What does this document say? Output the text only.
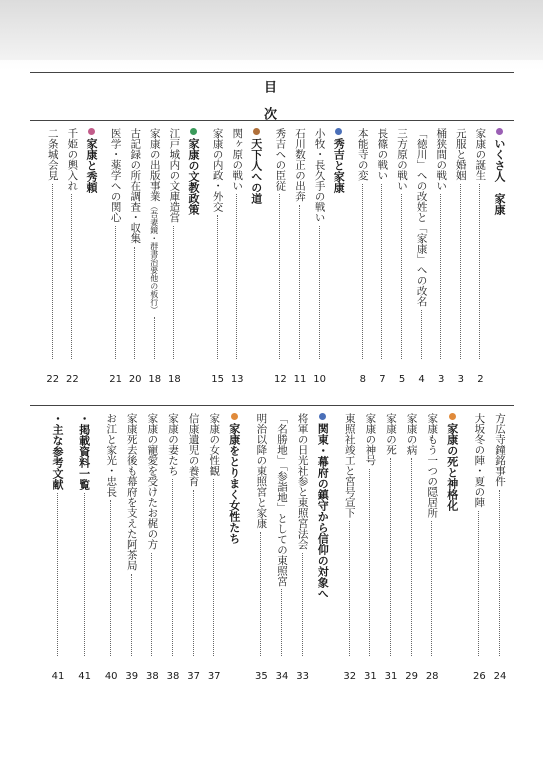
目次
いくさ人　家康
2
家康の誕生
3
元服と婚姻
3
桶狭間の戦い
4
「徳川」への改姓と「家康」への改名
5
三方原の戦い
7
長篠の戦い
8
本能寺の変
秀吉と家康
10
小牧・長久手の戦い
11
石川数正の出奔
12
秀吉への臣従
天下人への道
13
関ヶ原の戦い
15
家康の内政・外交
家康の文教政策
18
江戸城内の文庫造営
18
家康の出版事業
（吾妻鏡・群書治要他の板行）
20
古記録の所在調査・収集
21
医学・薬学への関心
家康と秀頼
22
千姫の輿入れ
22
二条城会見
24
方広寺鐘銘事件
26
大坂冬の陣・夏の陣
家康の死と神格化
28
家康もう一つの隠居所
29
家康の病
31
家康の死
31
家康の神号
32
東照社竣工と宮号宣下
関東・幕府の鎮守から信仰の対象へ
33
将軍の日光社参と東照宮法会
34
「名勝地」「参詣地」としての東照宮
35
明治以降の東照宮と家康
家康をとりまく女性たち
37
家康の女性観
37
信康遺児の養育
38
家康の妻たち
38
家康の寵愛を受けたお梶の方
39
家康死去後も幕府を支えた阿茶局
40
お江と家光・忠長
41
・
掲載資料一覧
41
・
主な参考文献
